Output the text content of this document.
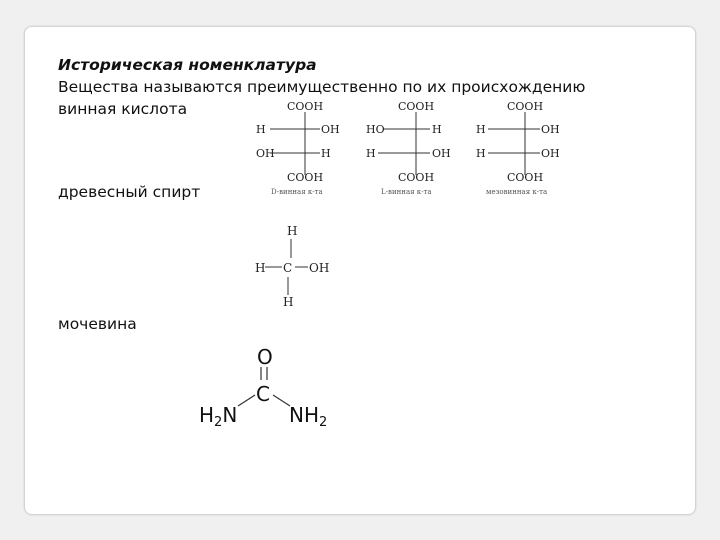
Историческая номенклатура
Вещества называются преимущественно по их происхождению
винная кислота
древесный спирт
мочевина
COOH
H	OH
OH	H
COOH
D-винная к-та
COOH
HO	H
H	OH
COOH
L-винная к-та
COOH
H	OH
H	OH
COOH
мезовинная к-та
H
H C OH
H
O
C
$H_2N$	$NH_2$
